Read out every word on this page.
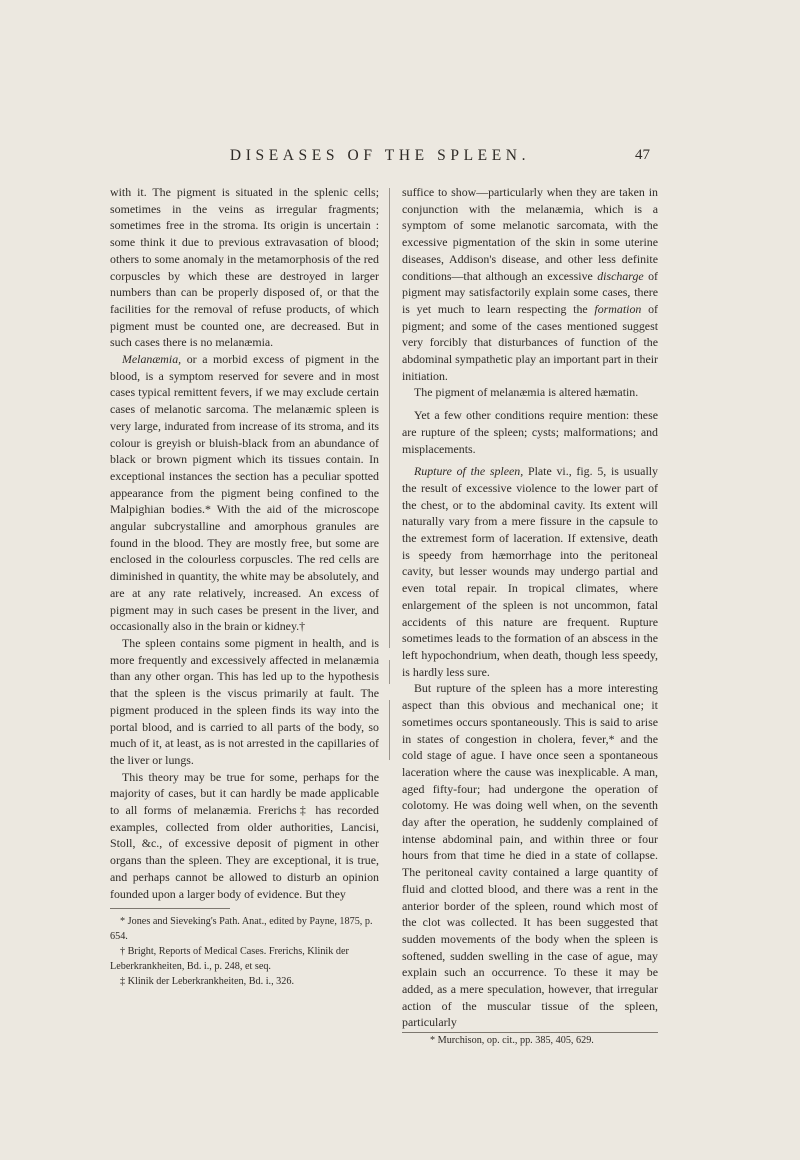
DISEASES OF THE SPLEEN.	47

with it. The pigment is situated in the splenic cells; sometimes in the veins as irregular fragments; sometimes free in the stroma. Its origin is uncertain : some think it due to previous extravasation of blood; others to some anomaly in the metamorphosis of the red corpuscles by which these are destroyed in larger numbers than can be properly disposed of, or that the facilities for the removal of refuse products, of which pigment must be counted one, are decreased. But in such cases there is no melanæmia.

Melanæmia, or a morbid excess of pigment in the blood, is a symptom reserved for severe and in most cases typical remittent fevers, if we may exclude certain cases of melanotic sarcoma. The melanæmic spleen is very large, indurated from increase of its stroma, and its colour is greyish or bluish-black from an abundance of black or brown pigment which its tissues contain. In exceptional instances the section has a peculiar spotted appearance from the pigment being confined to the Malpighian bodies.* With the aid of the microscope angular subcrystalline and amorphous granules are found in the blood. They are mostly free, but some are enclosed in the colourless corpuscles. The red cells are diminished in quantity, the white may be absolutely, and are at any rate relatively, increased. An excess of pigment may in such cases be present in the liver, and occasionally also in the brain or kidney.†

The spleen contains some pigment in health, and is more frequently and excessively affected in melanæmia than any other organ. This has led up to the hypothesis that the spleen is the viscus primarily at fault. The pigment produced in the spleen finds its way into the portal blood, and is carried to all parts of the body, so much of it, at least, as is not arrested in the capillaries of the liver or lungs.

This theory may be true for some, perhaps for the majority of cases, but it can hardly be made applicable to all forms of melanæmia. Frerichs‡ has recorded examples, collected from older authorities, Lancisi, Stoll, &c., of excessive deposit of pigment in other organs than the spleen. They are exceptional, it is true, and perhaps cannot be allowed to disturb an opinion founded upon a larger body of evidence. But they

* Jones and Sieveking's Path. Anat., edited by Payne, 1875, p. 654.

† Bright, Reports of Medical Cases. Frerichs, Klinik der Leberkrankheiten, Bd. i., p. 248, et seq.

‡ Klinik der Leberkrankheiten, Bd. i., 326.

suffice to show—particularly when they are taken in conjunction with the melanæmia, which is a symptom of some melanotic sarcomata, with the excessive pigmentation of the skin in some uterine diseases, Addison's disease, and other less definite conditions—that although an excessive discharge of pigment may satisfactorily explain some cases, there is yet much to learn respecting the formation of pigment; and some of the cases mentioned suggest very forcibly that disturbances of function of the abdominal sympathetic play an important part in their initiation.

The pigment of melanæmia is altered hæmatin.

Yet a few other conditions require mention: these are rupture of the spleen; cysts; malformations; and misplacements.

Rupture of the spleen, Plate vi., fig. 5, is usually the result of excessive violence to the lower part of the chest, or to the abdominal cavity. Its extent will naturally vary from a mere fissure in the capsule to the extremest form of laceration. If extensive, death is speedy from hæmorrhage into the peritoneal cavity, but lesser wounds may undergo partial and even total repair. In tropical climates, where enlargement of the spleen is not uncommon, fatal accidents of this nature are frequent. Rupture sometimes leads to the formation of an abscess in the left hypochondrium, when death, though less speedy, is hardly less sure.

But rupture of the spleen has a more interesting aspect than this obvious and mechanical one; it sometimes occurs spontaneously. This is said to arise in states of congestion in cholera, fever,* and the cold stage of ague. I have once seen a spontaneous laceration where the cause was inexplicable. A man, aged fifty-four; had undergone the operation of colotomy. He was doing well when, on the seventh day after the operation, he suddenly complained of intense abdominal pain, and within three or four hours from that time he died in a state of collapse. The peritoneal cavity contained a large quantity of fluid and clotted blood, and there was a rent in the anterior border of the spleen, round which most of the clot was collected. It has been suggested that sudden movements of the body when the spleen is softened, sudden swelling in the case of ague, may explain such an occurrence. To these it may be added, as a mere speculation, however, that irregular action of the muscular tissue of the spleen, particularly

* Murchison, op. cit., pp. 385, 405, 629.
